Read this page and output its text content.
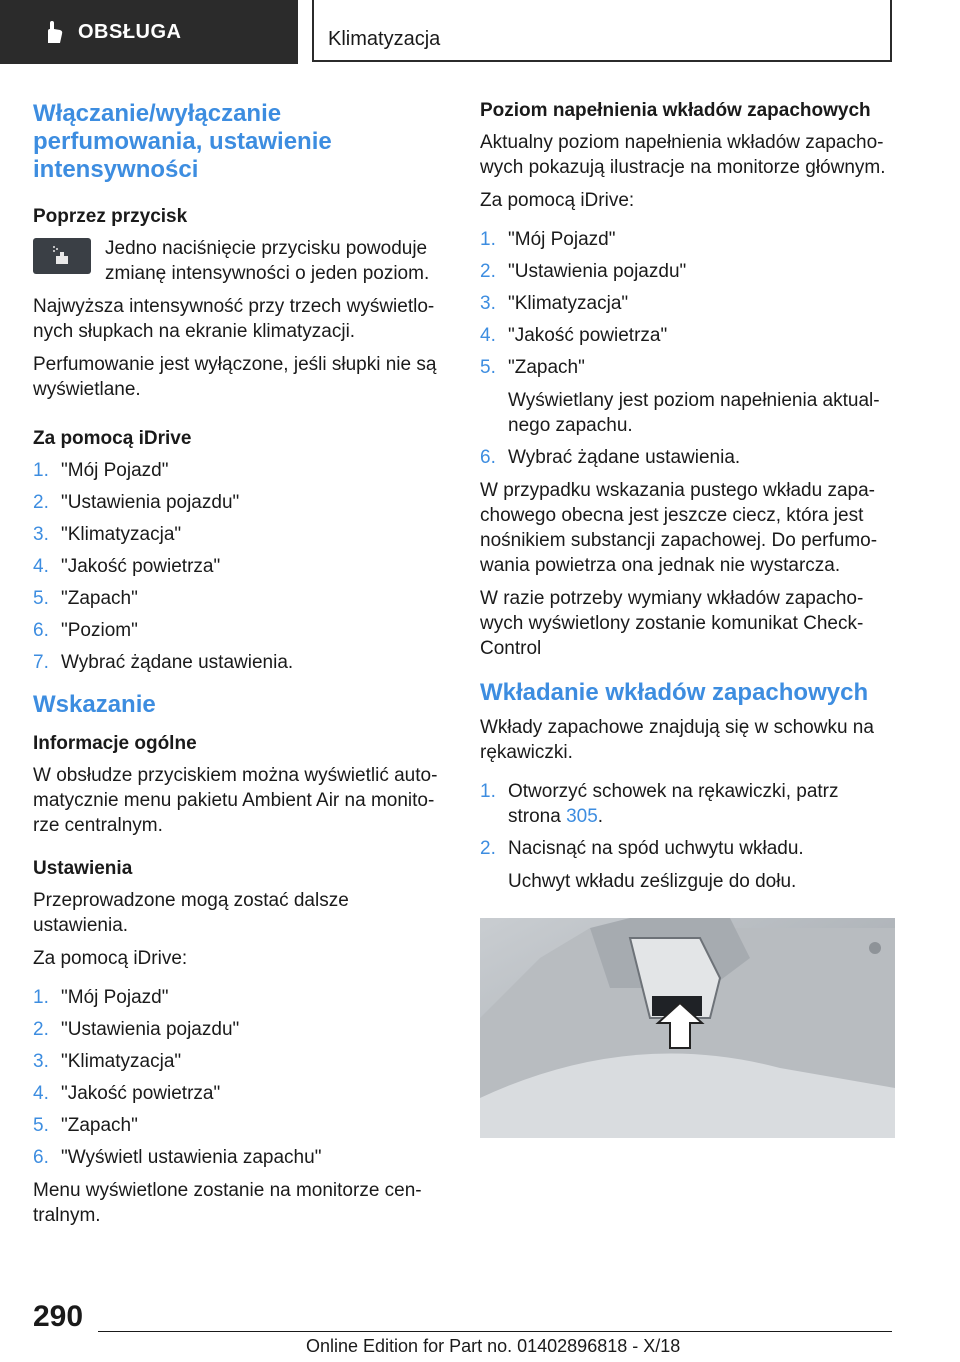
OBSŁUGA	Klimatyzacja
Włączanie/wyłączanie perfumowania, ustawienie intensywności
Poprzez przycisk

Jedno naciśnięcie przycisku powoduje zmianę intensywności o jeden poziom.

Najwyższa intensywność przy trzech wyświetlo-nych słupkach na ekranie klimatyzacji.

Perfumowanie jest wyłączone, jeśli słupki nie są wyświetlane.

Za pomocą iDrive
1. "Mój Pojazd"
2. "Ustawienia pojazdu"
3. "Klimatyzacja"
4. "Jakość powietrza"
5. "Zapach"
6. "Poziom"
7. Wybrać żądane ustawienia.
Wskazanie
Informacje ogólne

W obsłudze przyciskiem można wyświetlić auto-matycznie menu pakietu Ambient Air na monito-rze centralnym.

Ustawienia

Przeprowadzone mogą zostać dalsze ustawienia.

Za pomocą iDrive:

1. "Mój Pojazd"
2. "Ustawienia pojazdu"
3. "Klimatyzacja"
4. "Jakość powietrza"
5. "Zapach"
6. "Wyświetl ustawienia zapachu"

Menu wyświetlone zostanie na monitorze cen-tralnym.

Poziom napełnienia wkładów zapachowych

Aktualny poziom napełnienia wkładów zapacho-wych pokazują ilustracje na monitorze głównym.

Za pomocą iDrive:

1. "Mój Pojazd"
2. "Ustawienia pojazdu"
3. "Klimatyzacja"
4. "Jakość powietrza"
5. "Zapach"
Wyświetlany jest poziom napełnienia aktual-nego zapachu.
6. Wybrać żądane ustawienia.

W przypadku wskazania pustego wkładu zapa-chowego obecna jest jeszcze ciecz, która jest nośnikiem substancji zapachowej. Do perfumo-wania powietrza ona jednak nie wystarcza.

W razie potrzeby wymiany wkładów zapacho-wych wyświetlony zostanie komunikat Check-Control

Wkładanie wkładów zapachowych

Wkłady zapachowe znajdują się w schowku na rękawiczki.

1. Otworzyć schowek na rękawiczki, patrz strona 305.
2. Nacisnąć na spód uchwytu wkładu.
Uchwyt wkładu ześlizguje do dołu.
290
Online Edition for Part no. 01402896818 - X/18
